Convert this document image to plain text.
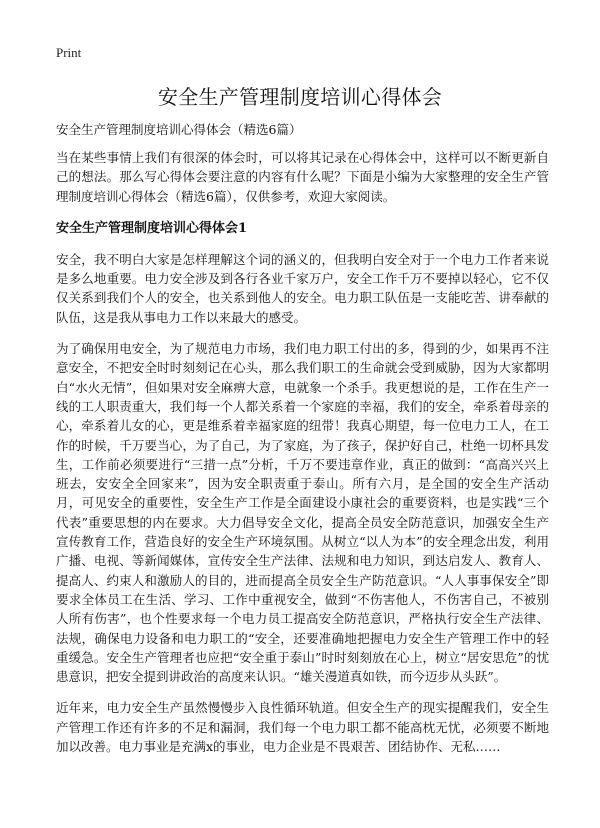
Print
安全生产管理制度培训心得体会

安全生产管理制度培训心得体会（精选6篇）

当在某些事情上我们有很深的体会时，可以将其记录在心得体会中，这样可以不断更新自己的想法。那么写心得体会要注意的内容有什么呢？下面是小编为大家整理的安全生产管理制度培训心得体会（精选6篇），仅供参考，欢迎大家阅读。

安全生产管理制度培训心得体会1

安全，我不明白大家是怎样理解这个词的涵义的，但我明白安全对于一个电力工作者来说是多么地重要。电力安全涉及到各行各业千家万户，安全工作千万不要掉以轻心，它不仅仅关系到我们个人的安全，也关系到他人的安全。电力职工队伍是一支能吃苦、讲奉献的队伍，这是我从事电力工作以来最大的感受。

为了确保用电安全，为了规范电力市场，我们电力职工付出的多，得到的少，如果再不注意安全，不把安全时时刻刻记在心头，那么我们职工的生命就会受到威胁，因为大家都明白“水火无情”，但如果对安全麻痹大意，电就象一个杀手。我更想说的是，工作在生产一线的工人职责重大，我们每一个人都关系着一个家庭的幸福，我们的安全，牵系着母亲的心，牵系着儿女的心，更是维系着幸福家庭的纽带！我真心期望，每一位电力工人，在工作的时候，千万要当心，为了自己，为了家庭，为了孩子，保护好自己，杜绝一切杯具发生，工作前必须要进行“三措一点”分析，千万不要违章作业，真正的做到：“高高兴兴上班去，安安全全回家来”，因为安全职责重于泰山。所有六月，是全国的安全生产活动月，可见安全的重要性，安全生产工作是全面建设小康社会的重要资料，也是实践“三个代表”重要思想的内在要求。大力倡导安全文化，提高全员安全防范意识，加强安全生产宣传教育工作，营造良好的安全生产环境氛围。从树立“以人为本”的安全理念出发，利用广播、电视、等新闻媒体，宣传安全生产法律、法规和电力知识，到达启发人、教育人、提高人、约束人和激励人的目的，进而提高全员安全生产防范意识。“人人事事保安全”即要求全体员工在生活、学习、工作中重视安全，做到“不伤害他人，不伤害自己，不被别人所有伤害”，也个性要求每一个电力员工提高安全防范意识，严格执行安全生产法律、法规，确保电力设备和电力职工的“安全，还要准确地把握电力安全生产管理工作中的轻重缓急。安全生产管理者也应把“安全重于泰山”时时刻刻放在心上，树立“居安思危”的忧患意识，把安全提到讲政治的高度来认识。“雄关漫道真如铁，而今迈步从头跃”。

近年来，电力安全生产虽然慢慢步入良性循环轨道。但安全生产的现实提醒我们，安全生产管理工作还有许多的不足和漏洞，我们每一个电力职工都不能高枕无忧，必须要不断地加以改善。电力事业是充满x的事业，电力企业是不畏艰苦、团结协作、无私……
